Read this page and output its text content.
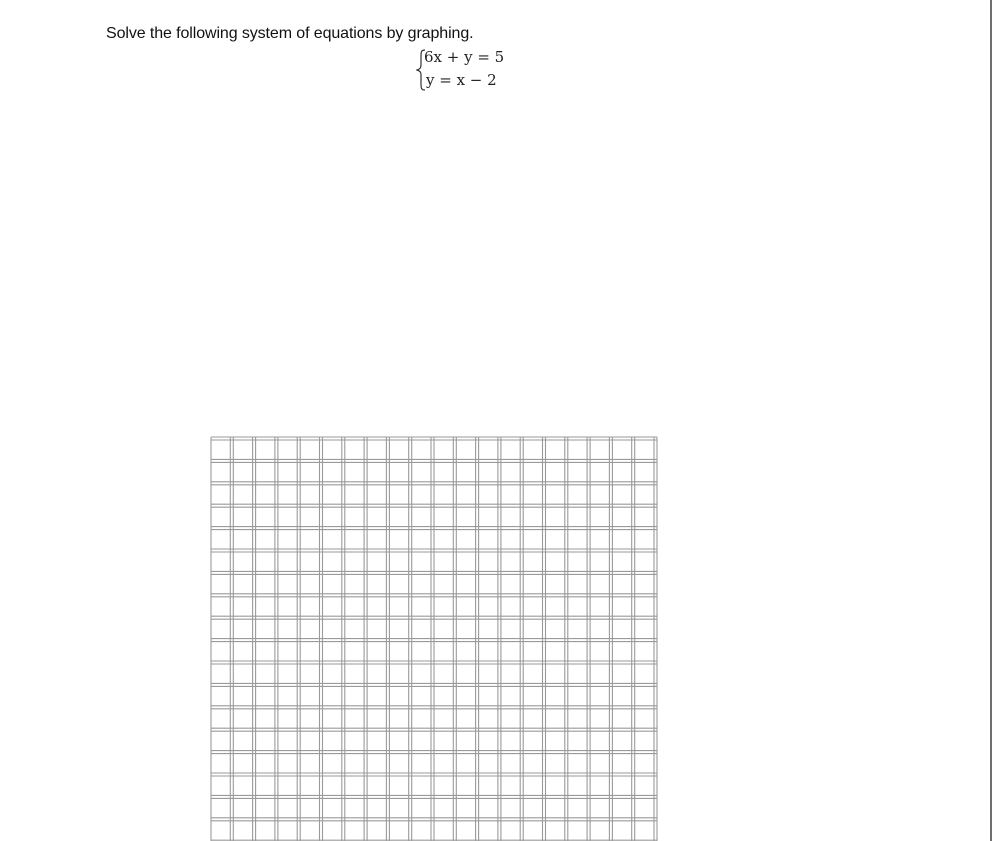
Solve the following system of equations by graphing.
6x + y = 5
y = x − 2
